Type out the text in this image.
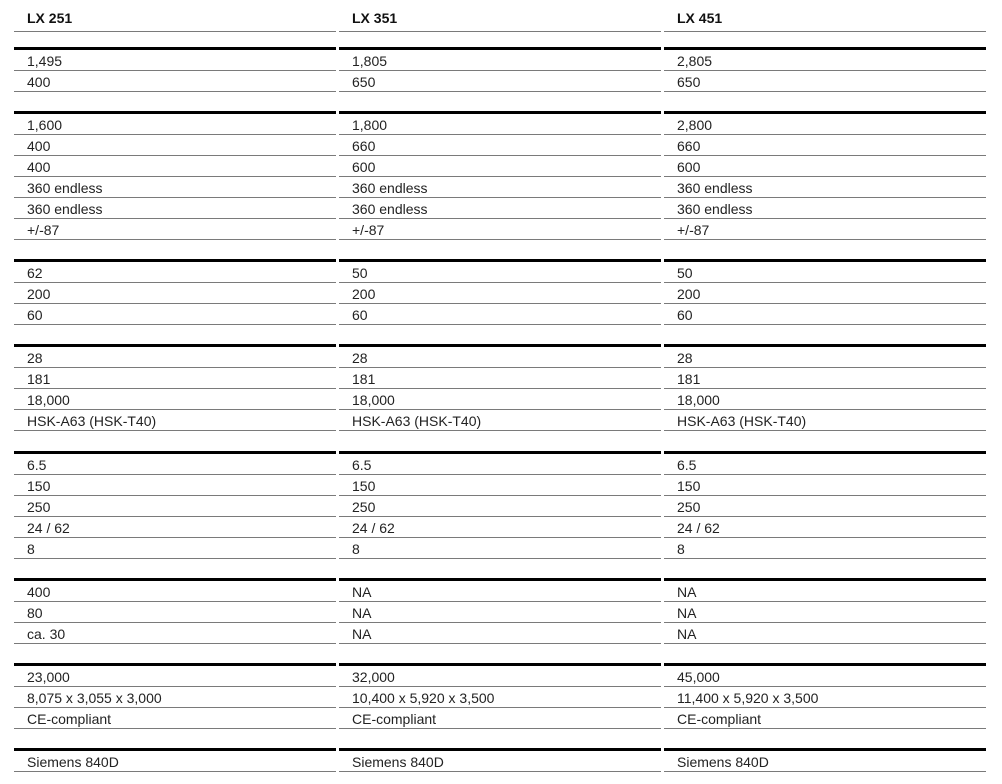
LX 251
1,495
400
1,600
400
400
360 endless
360 endless
+/-87
62
200
60
28
181
18,000
HSK-A63 (HSK-T40)
6.5
150
250
24 / 62
8
400
80
ca. 30
23,000
8,075 x 3,055 x 3,000
CE-compliant
Siemens 840D
LX 351
1,805
650
1,800
660
600
360 endless
360 endless
+/-87
50
200
60
28
181
18,000
HSK-A63 (HSK-T40)
6.5
150
250
24 / 62
8
NA
NA
NA
32,000
10,400 x 5,920 x 3,500
CE-compliant
Siemens 840D
LX 451
2,805
650
2,800
660
600
360 endless
360 endless
+/-87
50
200
60
28
181
18,000
HSK-A63 (HSK-T40)
6.5
150
250
24 / 62
8
NA
NA
NA
45,000
11,400 x 5,920 x 3,500
CE-compliant
Siemens 840D
